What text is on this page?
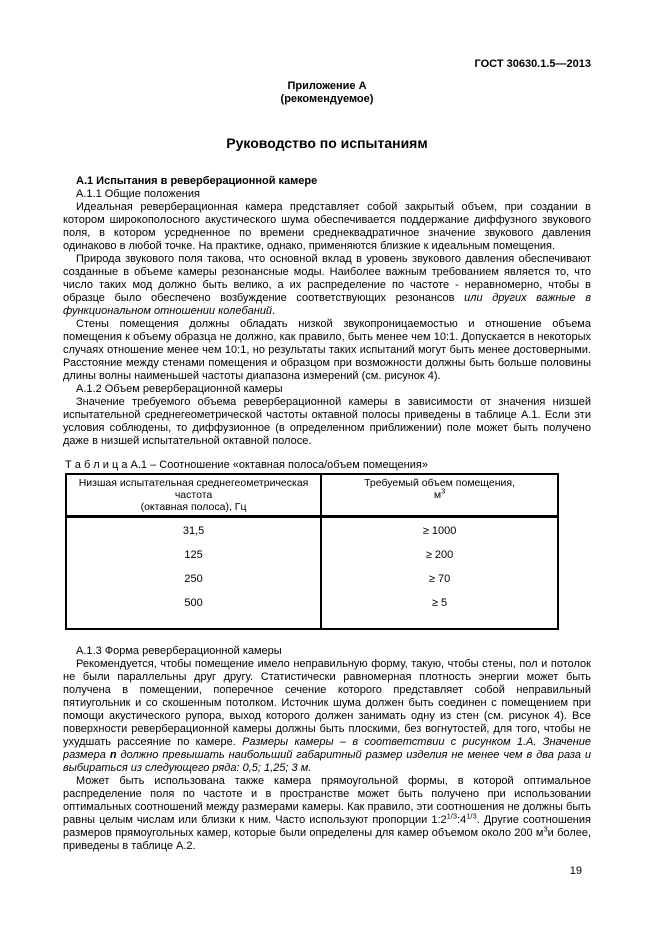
ГОСТ 30630.1.5—2013
Приложение А
(рекомендуемое)
Руководство по испытаниям

А.1 Испытания в реверберационной камере

А.1.1 Общие положения

Идеальная реверберационная камера представляет собой закрытый объем, при создании в котором широкополосного акустического шума обеспечивается поддержание диффузного звукового поля, в котором усредненное по времени среднеквадратичное значение звукового давления одинаково в любой точке. На практике, однако, применяются близкие к идеальным помещения.

Природа звукового поля такова, что основной вклад в уровень звукового давления обеспечивают созданные в объеме камеры резонансные моды. Наиболее важным требованием является то, что число таких мод должно быть велико, а их распределение по частоте - неравномерно, чтобы в образце было обеспечено возбуждение соответствующих резонансов или других важные в функциональном отношении колебаний.

Стены помещения должны обладать низкой звукопроницаемостью и отношение объема помещения к объему образца не должно, как правило, быть менее чем 10:1. Допускается в некоторых случаях отношение менее чем 10:1, но результаты таких испытаний могут быть менее достоверными. Расстояние между стенами помещения и образцом при возможности должны быть больше половины длины волны наименьшей частоты диапазона измерений (см. рисунок 4).

А.1.2 Объем реверберационной камеры

Значение требуемого объема реверберационной камеры в зависимости от значения низшей испытательной среднегеометрической частоты октавной полосы приведены в таблице А.1. Если эти условия соблюдены, то диффузионное (в определенном приближении) поле может быть получено даже в низшей испытательной октавной полосе.

Т а б л и ц а А.1 – Соотношение «октавная полоса/объем помещения»
Низшая испытательная среднегеометрическая
частота
(октавная полоса), Гц	Требуемый объем помещения,
$м^3$

31,5	≥ 1000
125	≥ 200
250	≥ 70
500	≥ 5

А.1.3 Форма реверберационной камеры

Рекомендуется, чтобы помещение имело неправильную форму, такую, чтобы стены, пол и потолок не были параллельны друг другу. Статистически равномерная плотность энергии может быть получена в помещении, поперечное сечение которого представляет собой неправильный пятиугольник и со скошенным потолком. Источник шума должен быть соединен с помещением при помощи акустического рупора, выход которого должен занимать одну из стен (см. рисунок 4). Все поверхности реверберационной камеры должны быть плоскими, без вогнутостей, для того, чтобы не ухудшать рассеяние по камере. Размеры камеры – в соответствии с рисунком 1.А. Значение размера n должно превышать наибольший габаритный размер изделия не менее чем в два раза и выбираться из следующего ряда: 0,5; 1,25; 3 м.

Может быть использована также камера прямоугольной формы, в которой оптимальное распределение поля по частоте и в пространстве может быть получено при использовании оптимальных соотношений между размерами камеры. Как правило, эти соотношения не должны быть равны целым числам или близки к ним. Часто используют пропорции $1:2^{1/3}:4^{1/3}$. Другие соотношения размеров прямоугольных камер, которые были определены для камер объемом около 200 $м^3и$ более, приведены в таблице А.2.

19
